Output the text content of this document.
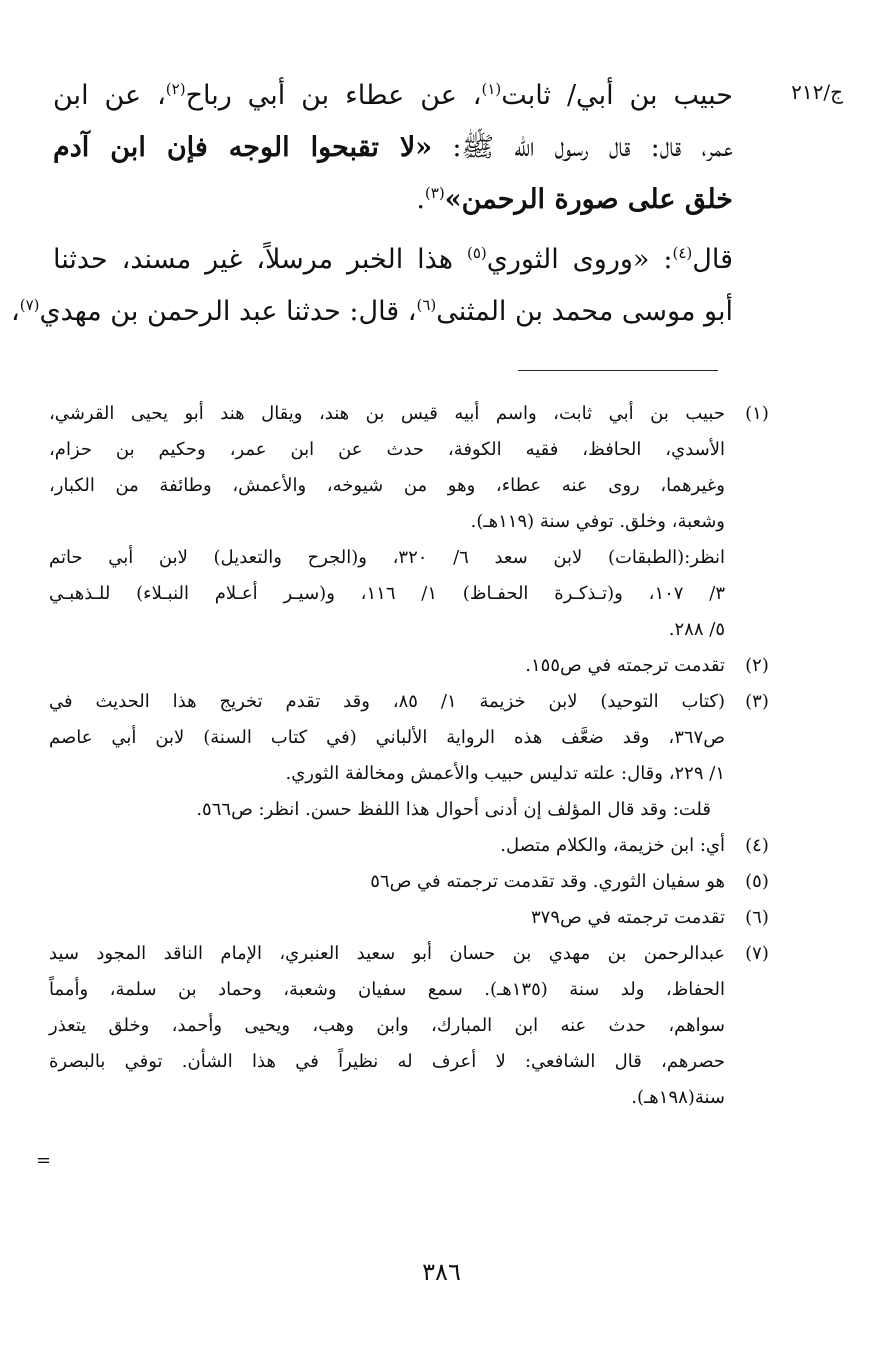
ج/٢١٢
حبيب بن أبي/ ثابت$^{(١)}$، عن عطاء بن أبي رباح$^{(٢)}$، عن ابن
عمر، قال: قال رسول الله ﷺ: «لا تقبحوا الوجه فإن ابن آدم
خلق على صورة الرحمن»$^{(٣)}$.
قال$^{(٤)}$: «وروى الثوري$^{(٥)}$ هذا الخبر مرسلاً، غير مسند، حدثنا
أبو موسى محمد بن المثنى$^{(٦)}$، قال: حدثنا عبد الرحمن بن مهدي$^{(٧)}$،
(١)
حبيب بن أبي ثابت، واسم أبيه قيس بن هند، ويقال هند أبو يحيى القرشي،
الأسدي، الحافظ، فقيه الكوفة، حدث عن ابن عمر، وحكيم بن حزام،
وغيرهما، روى عنه عطاء، وهو من شيوخه، والأعمش، وطائفة من الكبار،
وشعبة، وخلق. توفي سنة (١١٩هـ).
انظر:(الطبقات) لابن سعد ٦/ ٣٢٠، و(الجرح والتعديل) لابن أبي حاتم
٣/ ١٠٧، و(تـذكـرة الحفـاظ) ١/ ١١٦، و(سيـر أعـلام النبـلاء) للـذهبـي
٥/ ٢٨٨.
(٢)
تقدمت ترجمته في ص١٥٥.
(٣)
(كتاب التوحيد) لابن خزيمة ١/ ٨٥، وقد تقدم تخريج هذا الحديث في
ص٣٦٧، وقد ضعَّف هذه الرواية الألباني (في كتاب السنة) لابن أبي عاصم
١/ ٢٢٩، وقال: علته تدليس حبيب والأعمش ومخالفة الثوري.
قلت: وقد قال المؤلف إن أدنى أحوال هذا اللفظ حسن. انظر: ص٥٦٦.
(٤)
أي: ابن خزيمة، والكلام متصل.
(٥)
هو سفيان الثوري. وقد تقدمت ترجمته في ص٥٦
(٦)
تقدمت ترجمته في ص٣٧٩
(٧)
عبدالرحمن بن مهدي بن حسان أبو سعيد العنبري، الإمام الناقد المجود سيد
الحفاظ، ولد سنة (١٣٥هـ). سمع سفيان وشعبة، وحماد بن سلمة، وأمماً
سواهم، حدث عنه ابن المبارك، وابن وهب، ويحيى وأحمد، وخلق يتعذر
حصرهم، قال الشافعي: لا أعرف له نظيراً في هذا الشأن. توفي بالبصرة
سنة(١٩٨هـ).
=
٣٨٦
